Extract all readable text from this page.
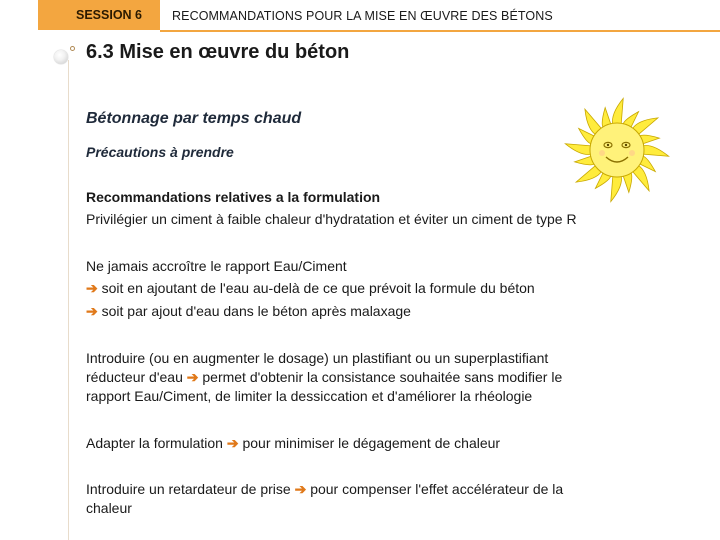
SESSION 6	RECOMMANDATIONS POUR LA MISE EN ŒUVRE DES BÉTONS
6.3 Mise en œuvre du béton
Bétonnage par temps chaud
Précautions à prendre
Recommandations relatives a la formulation
Privilégier un ciment à faible chaleur d'hydratation et éviter un ciment de type R
Ne jamais accroître le rapport Eau/Ciment
➔ soit en ajoutant de l'eau au-delà de ce que prévoit la formule du béton
➔ soit par ajout d'eau dans le béton après malaxage
Introduire (ou en augmenter le dosage) un plastifiant ou un superplastifiant
réducteur d'eau ➔ permet d'obtenir la consistance souhaitée sans modifier le
rapport Eau/Ciment, de limiter la dessiccation et d'améliorer la rhéologie
Adapter la formulation ➔ pour minimiser le dégagement de chaleur
Introduire un retardateur de prise ➔ pour compenser l'effet accélérateur de la
chaleur
